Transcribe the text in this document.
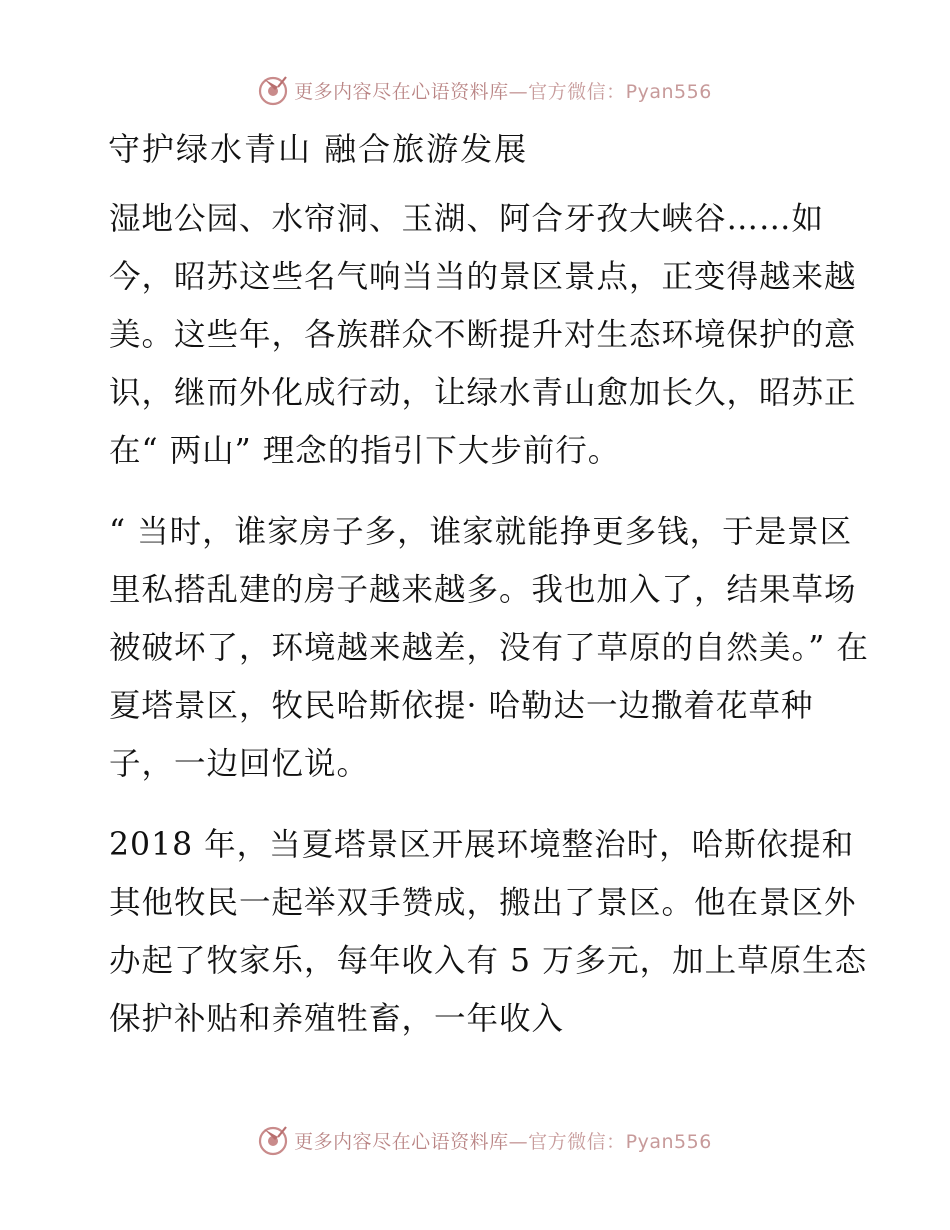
更多内容尽在心语资料库—官方微信：Pyan556
守护绿水青山 融合旅游发展

湿地公园、水帘洞、玉湖、阿合牙孜大峡谷……如今，昭苏这些名气响当当的景区景点，正变得越来越美。这些年，各族群众不断提升对生态环境保护的意识，继而外化成行动，让绿水青山愈加长久，昭苏正在“ 两山” 理念的指引下大步前行。

“ 当时，谁家房子多，谁家就能挣更多钱，于是景区里私搭乱建的房子越来越多。我也加入了，结果草场被破坏了，环境越来越差，没有了草原的自然美。” 在夏塔景区，牧民哈斯依提· 哈勒达一边撒着花草种子，一边回忆说。

2018 年，当夏塔景区开展环境整治时，哈斯依提和其他牧民一起举双手赞成，搬出了景区。他在景区外办起了牧家乐，每年收入有 5 万多元，加上草原生态保护补贴和养殖牲畜，一年收入

更多内容尽在心语资料库—官方微信：Pyan556
